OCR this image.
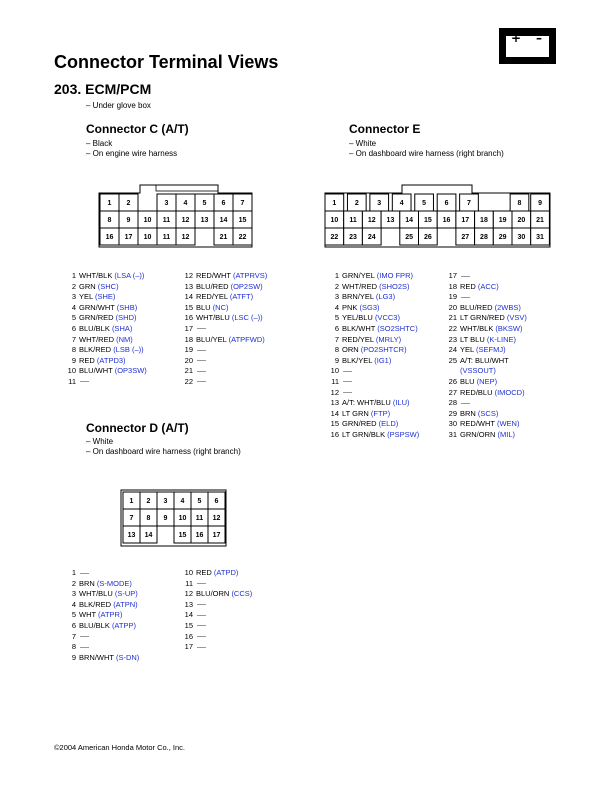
Connector Terminal Views
203. ECM/PCM
– Under glove box
+ –
Connector C (A/T)
– Black
– On engine wire harness
1 2	3 4 5 6 7
8 9 10 11 12 13 14 15
16 17 10 11 12	21 22
1 WHT/BLK (LSA (–))
2 GRN (SHC)
3 YEL (SHE)
4 GRN/WHT (SHB)
5 GRN/RED (SHD)
6 BLU/BLK (SHA)
7 WHT/RED (NM)
8 BLK/RED (LSB (–))
9 RED (ATPD3)
10 BLU/WHT (OP3SW)
11
12 RED/WHT (ATPRVS)
13 BLU/RED (OP2SW)
14 RED/YEL (ATFT)
15 BLU (NC)
16 WHT/BLU (LSC (–))
17
18 BLU/YEL (ATPFWD)
19
20
21
22
Connector E
– White
– On dashboard wire harness (right branch)
1	2	3	4	5	6	7	8 9
10 11 12 13 14 15 16 17 18 19 20 21
22 23 24	25 26	27 28 29 30 31
1 GRN/YEL (IMO FPR)
2 WHT/RED (SHO2S)
3 BRN/YEL (LG3)
4 PNK (SG3)
5 YEL/BLU (VCC3)
6 BLK/WHT (SO2SHTC)
7 RED/YEL (MRLY)
8 ORN (PO2SHTCR)
9 BLK/YEL (IG1)
10
11
12
13 A/T: WHT/BLU (ILU)
14 LT GRN (FTP)
15 GRN/RED (ELD)
16 LT GRN/BLK (PSPSW)
17
18 RED (ACC)
19
20 BLU/RED (2WBS)
21 LT GRN/RED (VSV)
22 WHT/BLK (BKSW)
23 LT BLU (K-LINE)
24 YEL (SEFMJ)
25 A/T: BLU/WHT
(VSSOUT)
26 BLU (NEP)
27 RED/BLU (IMOCD)
28
29 BRN (SCS)
30 RED/WHT (WEN)
31 GRN/ORN (MIL)
Connector D (A/T)
– White
– On dashboard wire harness (right branch)
1 2 3 4 5 6
7 8 9 10 11 12
13 14	15 16 17
1
2 BRN (S-MODE)
3 WHT/BLU (S-UP)
4 BLK/RED (ATPN)
5 WHT (ATPR)
6 BLU/BLK (ATPP)
7
8
9 BRN/WHT (S-DN)
10 RED (ATPD)
11
12 BLU/ORN (CCS)
13
14
15
16
17
©2004 American Honda Motor Co., Inc.
